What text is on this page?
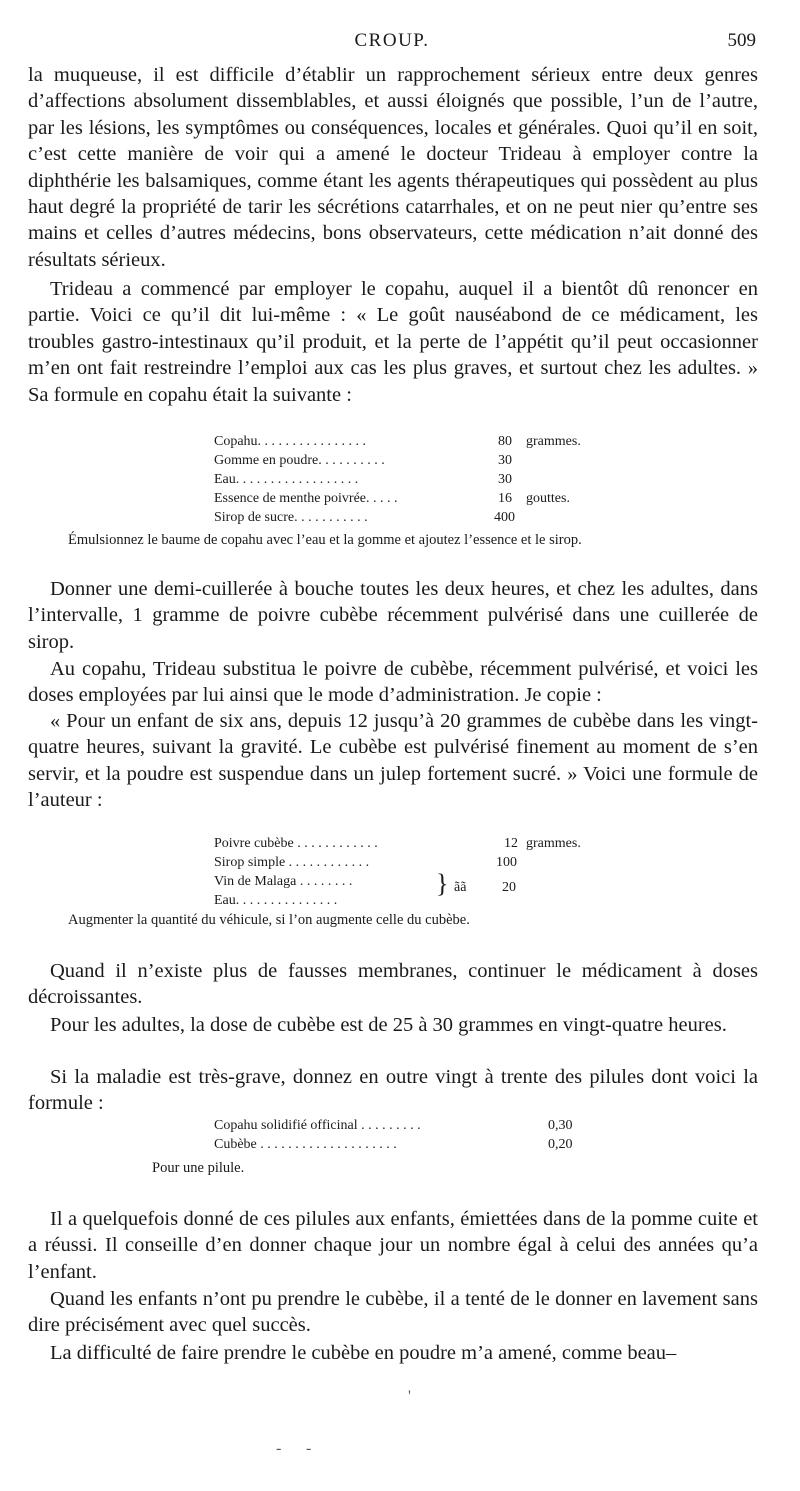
CROUP.	509

la muqueuse, il est difficile d’établir un rapprochement sérieux entre deux genres d’affections absolument dissemblables, et aussi éloignés que possible, l’un de l’autre, par les lésions, les symptômes ou conséquences, locales et générales. Quoi qu’il en soit, c’est cette manière de voir qui a amené le docteur Trideau à employer contre la diphthérie les balsamiques, comme étant les agents thérapeutiques qui possèdent au plus haut degré la propriété de tarir les sécrétions catarrhales, et on ne peut nier qu’entre ses mains et celles d’autres médecins, bons observateurs, cette médication n’ait donné des résultats sérieux.

Trideau a commencé par employer le copahu, auquel il a bientôt dû renoncer en partie. Voici ce qu’il dit lui-même : « Le goût nauséabond de ce médicament, les troubles gastro-intestinaux qu’il produit, et la perte de l’appétit qu’il peut occasionner m’en ont fait restreindre l’emploi aux cas les plus graves, et surtout chez les adultes. » Sa formule en copahu était la suivante :

Copahu. . . . . . . . . . . . . . . .	80 grammes.
Gomme en poudre. . . . . . . . . .	30
Eau. . . . . . . . . . . . . . . . . .	30
Essence de menthe poivrée. . . . .	16 gouttes.
Sirop de sucre. . . . . . . . . . .	400
Émulsionnez le baume de copahu avec l’eau et la gomme et ajoutez l’essence et le sirop.

Donner une demi-cuillerée à bouche toutes les deux heures, et chez les adultes, dans l’intervalle, 1 gramme de poivre cubèbe récemment pulvérisé dans une cuillerée de sirop.

Au copahu, Trideau substitua le poivre de cubèbe, récemment pulvérisé, et voici les doses employées par lui ainsi que le mode d’administration. Je copie :

« Pour un enfant de six ans, depuis 12 jusqu’à 20 grammes de cubèbe dans les vingt-quatre heures, suivant la gravité. Le cubèbe est pulvérisé finement au moment de s’en servir, et la poudre est suspendue dans un julep fortement sucré. » Voici une formule de l’auteur :

Poivre cubèbe . . . . . . . . . . . .	12 grammes.
Sirop simple . . . . . . . . . . . .	100
Vin de Malaga . . . . . . . .
Eau. . . . . . . . . . . . . . .
} ãã	20
Augmenter la quantité du véhicule, si l’on augmente celle du cubèbe.

Quand il n’existe plus de fausses membranes, continuer le médicament à doses décroissantes.

Pour les adultes, la dose de cubèbe est de 25 à 30 grammes en vingt-quatre heures.

Si la maladie est très-grave, donnez en outre vingt à trente des pilules dont voici la formule :

Copahu solidifié officinal . . . . . . . . .	0,30
Cubèbe . . . . . . . . . . . . . . . . . . . .	0,20
Pour une pilule.

Il a quelquefois donné de ces pilules aux enfants, émiettées dans de la pomme cuite et a réussi. Il conseille d’en donner chaque jour un nombre égal à celui des années qu’a l’enfant.

Quand les enfants n’ont pu prendre le cubèbe, il a tenté de le donner en lavement sans dire précisément avec quel succès.

La difficulté de faire prendre le cubèbe en poudre m’a amené, comme beau–

'
- -
